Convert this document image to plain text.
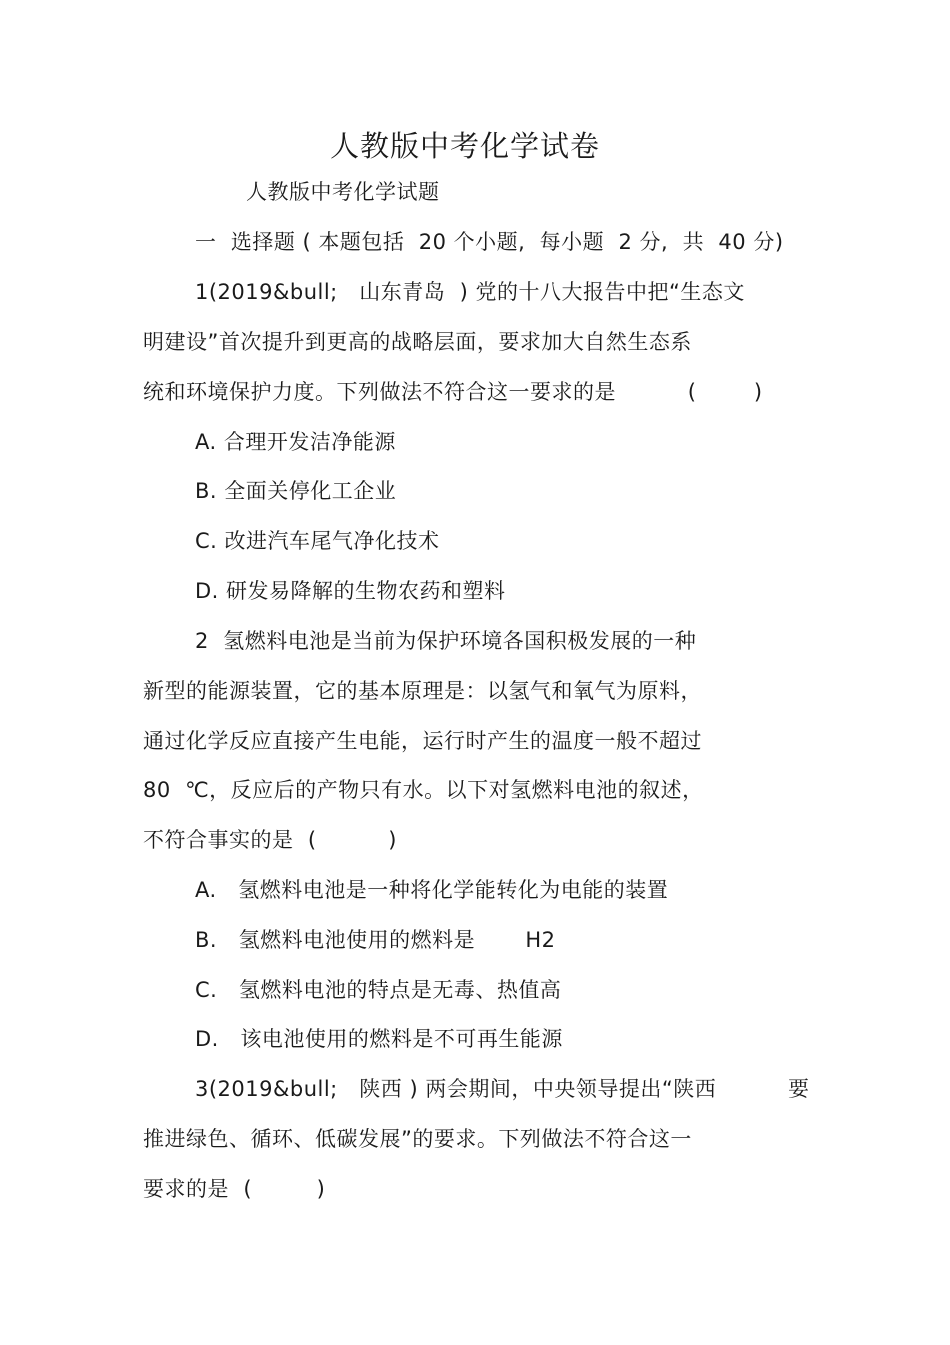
人教版中考化学试卷
人教版中考化学试题
一  选择题 ( 本题包括  20 个小题,  每小题  2 分,  共  40 分)
1(2019&bull;   山东青岛  ) 党的十八大报告中把“生态文
明建设”首次提升到更高的战略层面，要求加大自然生态系
统和环境保护力度。下列做法不符合这一要求的是          (        )
A. 合理开发洁净能源
B. 全面关停化工企业
C. 改进汽车尾气净化技术
D. 研发易降解的生物农药和塑料
2  氢燃料电池是当前为保护环境各国积极发展的一种
新型的能源装置，它的基本原理是：以氢气和氧气为原料，
通过化学反应直接产生电能，运行时产生的温度一般不超过
80  ℃，反应后的产物只有水。以下对氢燃料电池的叙述，
不符合事实的是  (          )
A.   氢燃料电池是一种将化学能转化为电能的装置
B.   氢燃料电池使用的燃料是       H2
C.   氢燃料电池的特点是无毒、热值高
D.   该电池使用的燃料是不可再生能源
3(2019&bull;   陕西 ) 两会期间，中央领导提出“陕西          要
推进绿色、循环、低碳发展”的要求。下列做法不符合这一
要求的是  (         )
